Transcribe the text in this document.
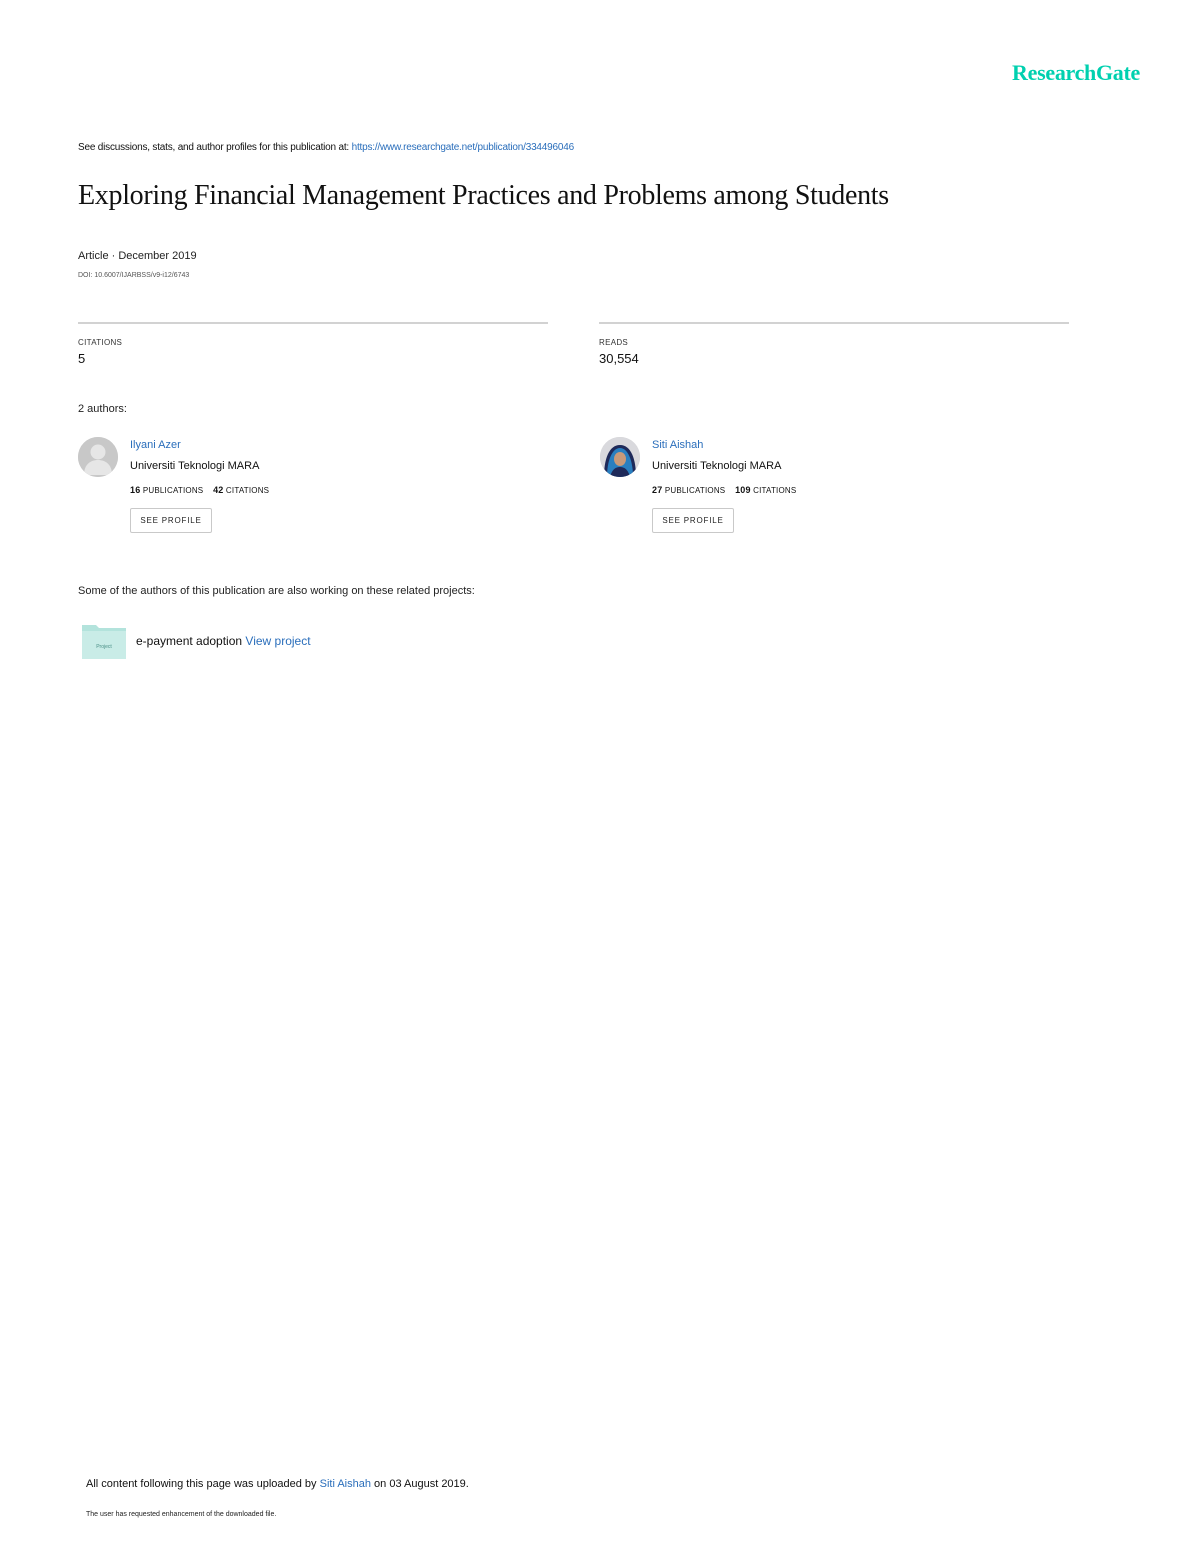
ResearchGate
See discussions, stats, and author profiles for this publication at: https://www.researchgate.net/publication/334496046
Exploring Financial Management Practices and Problems among Students
Article · December 2019
DOI: 10.6007/IJARBSS/v9-i12/6743
CITATIONS
5
READS
30,554
2 authors:
Ilyani Azer
Universiti Teknologi MARA
16 PUBLICATIONS 42 CITATIONS
SEE PROFILE
Siti Aishah
Universiti Teknologi MARA
27 PUBLICATIONS 109 CITATIONS
SEE PROFILE
Some of the authors of this publication are also working on these related projects:
Project e-payment adoption View project
All content following this page was uploaded by Siti Aishah on 03 August 2019.
The user has requested enhancement of the downloaded file.
